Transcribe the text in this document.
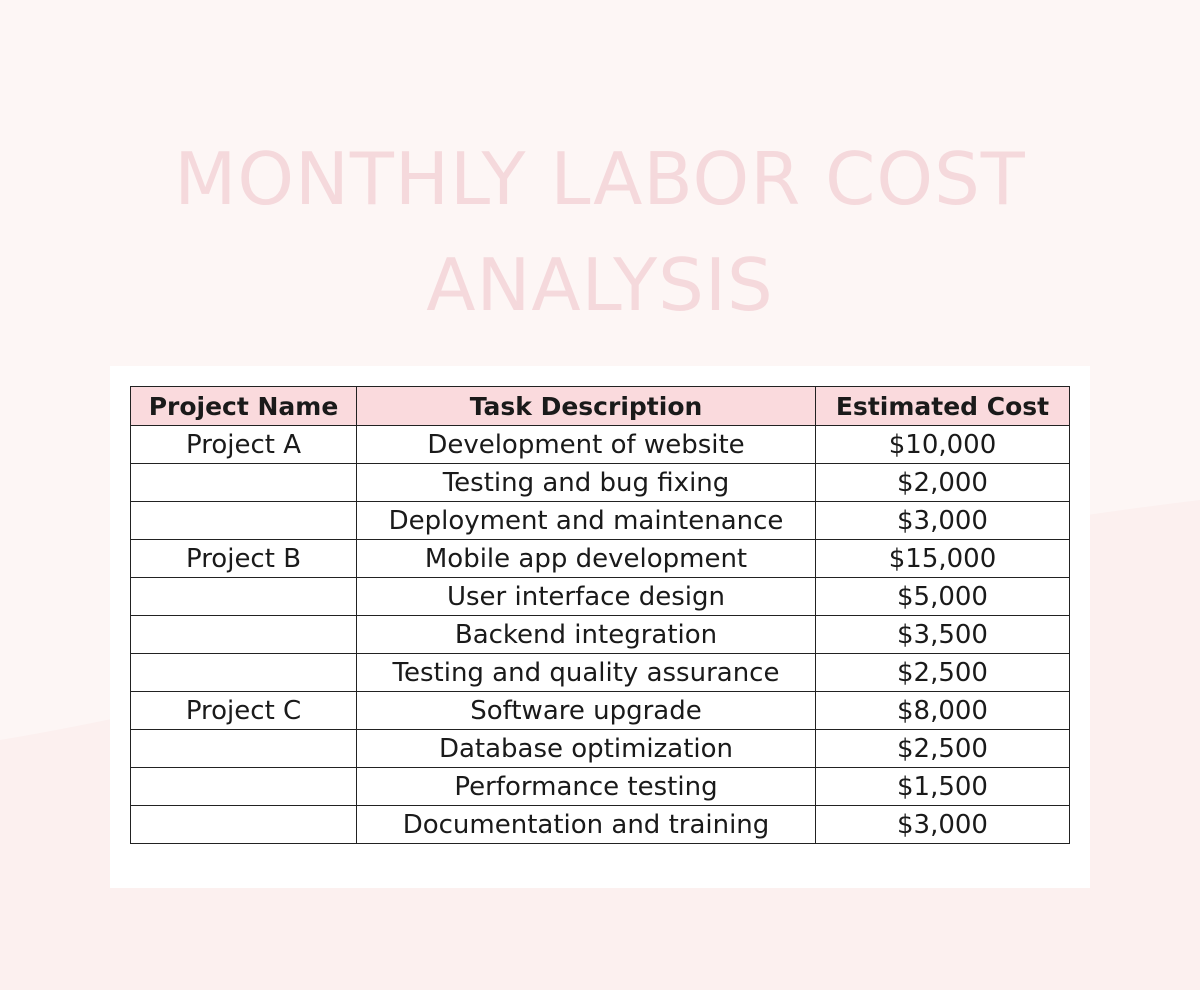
MONTHLY LABOR COST
ANALYSIS
Project Name	Task Description	Estimated Cost
Project A	Development of website	$10,000
	Testing and bug fixing	$2,000
	Deployment and maintenance	$3,000
Project B	Mobile app development	$15,000
	User interface design	$5,000
	Backend integration	$3,500
	Testing and quality assurance	$2,500
Project C	Software upgrade	$8,000
	Database optimization	$2,500
	Performance testing	$1,500
	Documentation and training	$3,000
